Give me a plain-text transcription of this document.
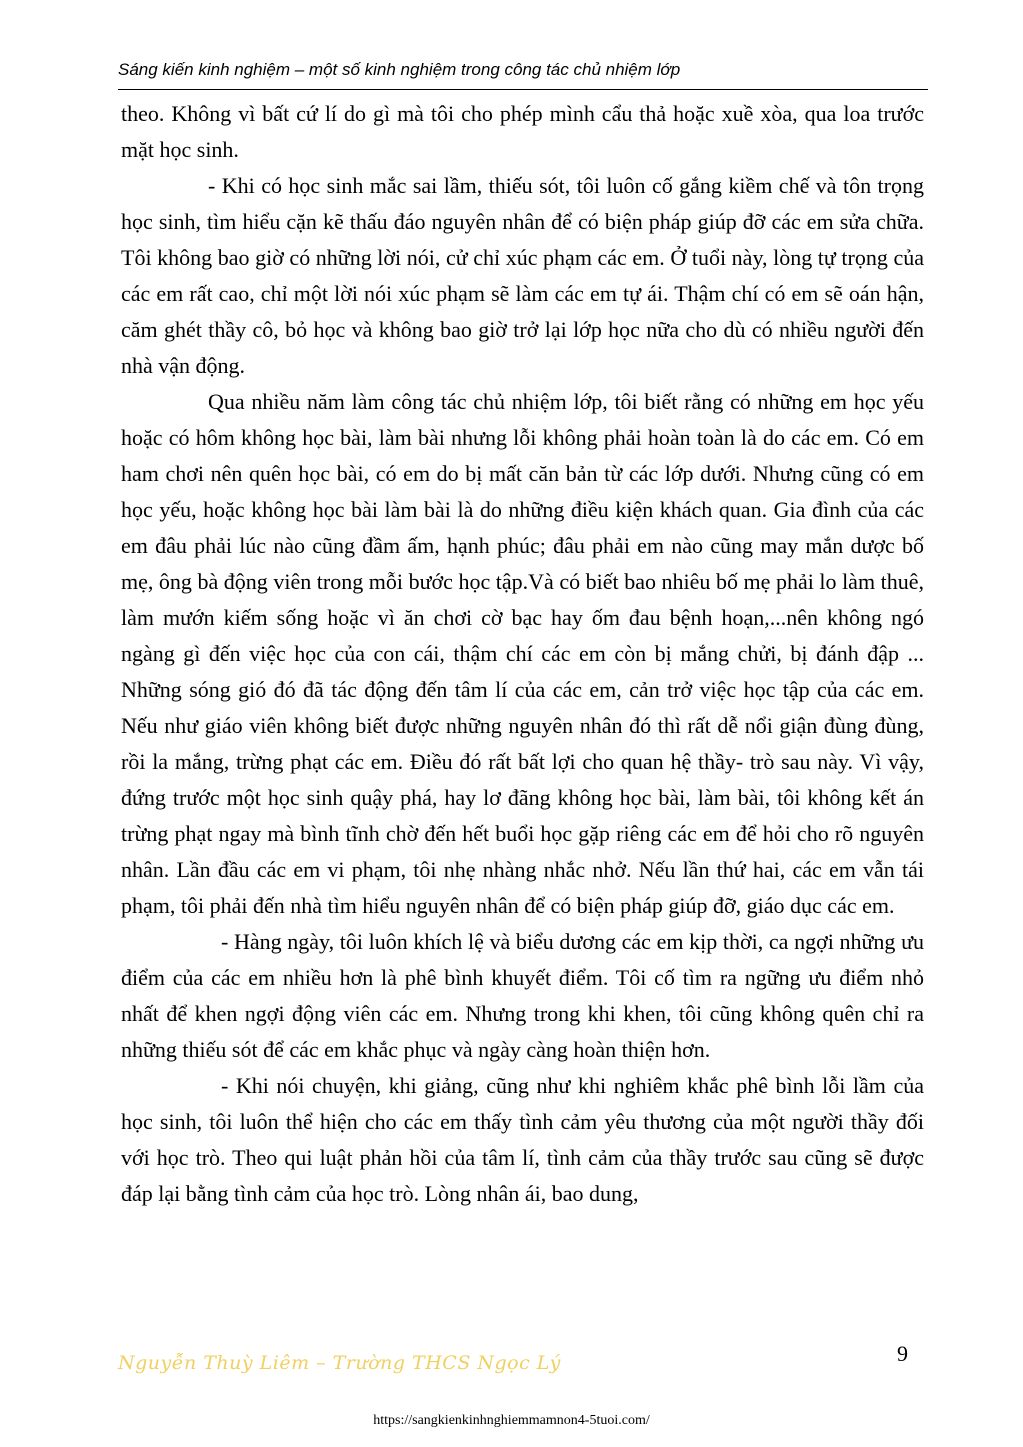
Sáng kiến kinh nghiệm – một số kinh nghiệm trong công tác chủ nhiệm lớp

theo. Không vì bất cứ lí do gì mà tôi cho phép mình cẩu thả hoặc xuề xòa, qua loa trước mặt học sinh.

- Khi có học sinh mắc sai lầm, thiếu sót, tôi luôn cố gắng kiềm chế và tôn trọng học sinh, tìm hiểu cặn kẽ thấu đáo nguyên nhân để có biện pháp giúp đỡ các em sửa chữa. Tôi không bao giờ có những lời nói, cử chỉ xúc phạm các em. Ở tuổi này, lòng tự trọng của các em rất cao, chỉ một lời nói xúc phạm sẽ làm các em tự ái. Thậm chí có em sẽ oán hận, căm ghét thầy cô, bỏ học và không bao giờ trở lại lớp học nữa cho dù có nhiều người đến nhà vận động.

Qua nhiều năm làm công tác chủ nhiệm lớp, tôi biết rằng có những em học yếu hoặc có hôm không học bài, làm bài nhưng lỗi không phải hoàn toàn là do các em. Có em ham chơi nên quên học bài, có em do bị mất căn bản từ các lớp dưới. Nhưng cũng có em học yếu, hoặc không học bài làm bài là do những điều kiện khách quan. Gia đình của các em đâu phải lúc nào cũng đầm ấm, hạnh phúc; đâu phải em nào cũng may mắn dược bố mẹ, ông bà động viên trong mỗi bước học tập.Và có biết bao nhiêu bố mẹ phải lo làm thuê, làm mướn kiếm sống hoặc vì ăn chơi cờ bạc hay ốm đau bệnh hoạn,...nên không ngó ngàng gì đến việc học của con cái, thậm chí các em còn bị mắng chửi, bị đánh đập ... Những sóng gió đó đã tác động đến tâm lí của các em, cản trở việc học tập của các em. Nếu như giáo viên không biết được những nguyên nhân đó thì rất dễ nổi giận đùng đùng, rồi la mắng, trừng phạt các em. Điều đó rất bất lợi cho quan hệ thầy- trò sau này. Vì vậy, đứng trước một học sinh quậy phá, hay lơ đãng không học bài, làm bài, tôi không kết án trừng phạt ngay mà bình tĩnh chờ đến hết buổi học gặp riêng các em để hỏi cho rõ nguyên nhân. Lần đầu các em vi phạm, tôi nhẹ nhàng nhắc nhở. Nếu lần thứ hai, các em vẫn tái phạm, tôi phải đến nhà tìm hiểu nguyên nhân để có biện pháp giúp đỡ, giáo dục các em.

- Hàng ngày, tôi luôn khích lệ và biểu dương các em kịp thời, ca ngợi những ưu điểm của các em nhiều hơn là phê bình khuyết điểm. Tôi cố tìm ra ngững ưu điểm nhỏ nhất để khen ngợi động viên các em. Nhưng trong khi khen, tôi cũng không quên chỉ ra những thiếu sót để các em khắc phục và ngày càng hoàn thiện hơn.

- Khi nói chuyện, khi giảng, cũng như khi nghiêm khắc phê bình lỗi lầm của học sinh, tôi luôn thể hiện cho các em thấy tình cảm yêu thương của một người thầy đối với học trò. Theo qui luật phản hồi của tâm lí, tình cảm của thầy trước sau cũng sẽ được đáp lại bằng tình cảm của học trò. Lòng nhân ái, bao dung,

Nguyễn Thuỳ Liêm – Trường THCS Ngọc Lý	9
https://sangkienkinhnghiemmamnon4-5tuoi.com/
